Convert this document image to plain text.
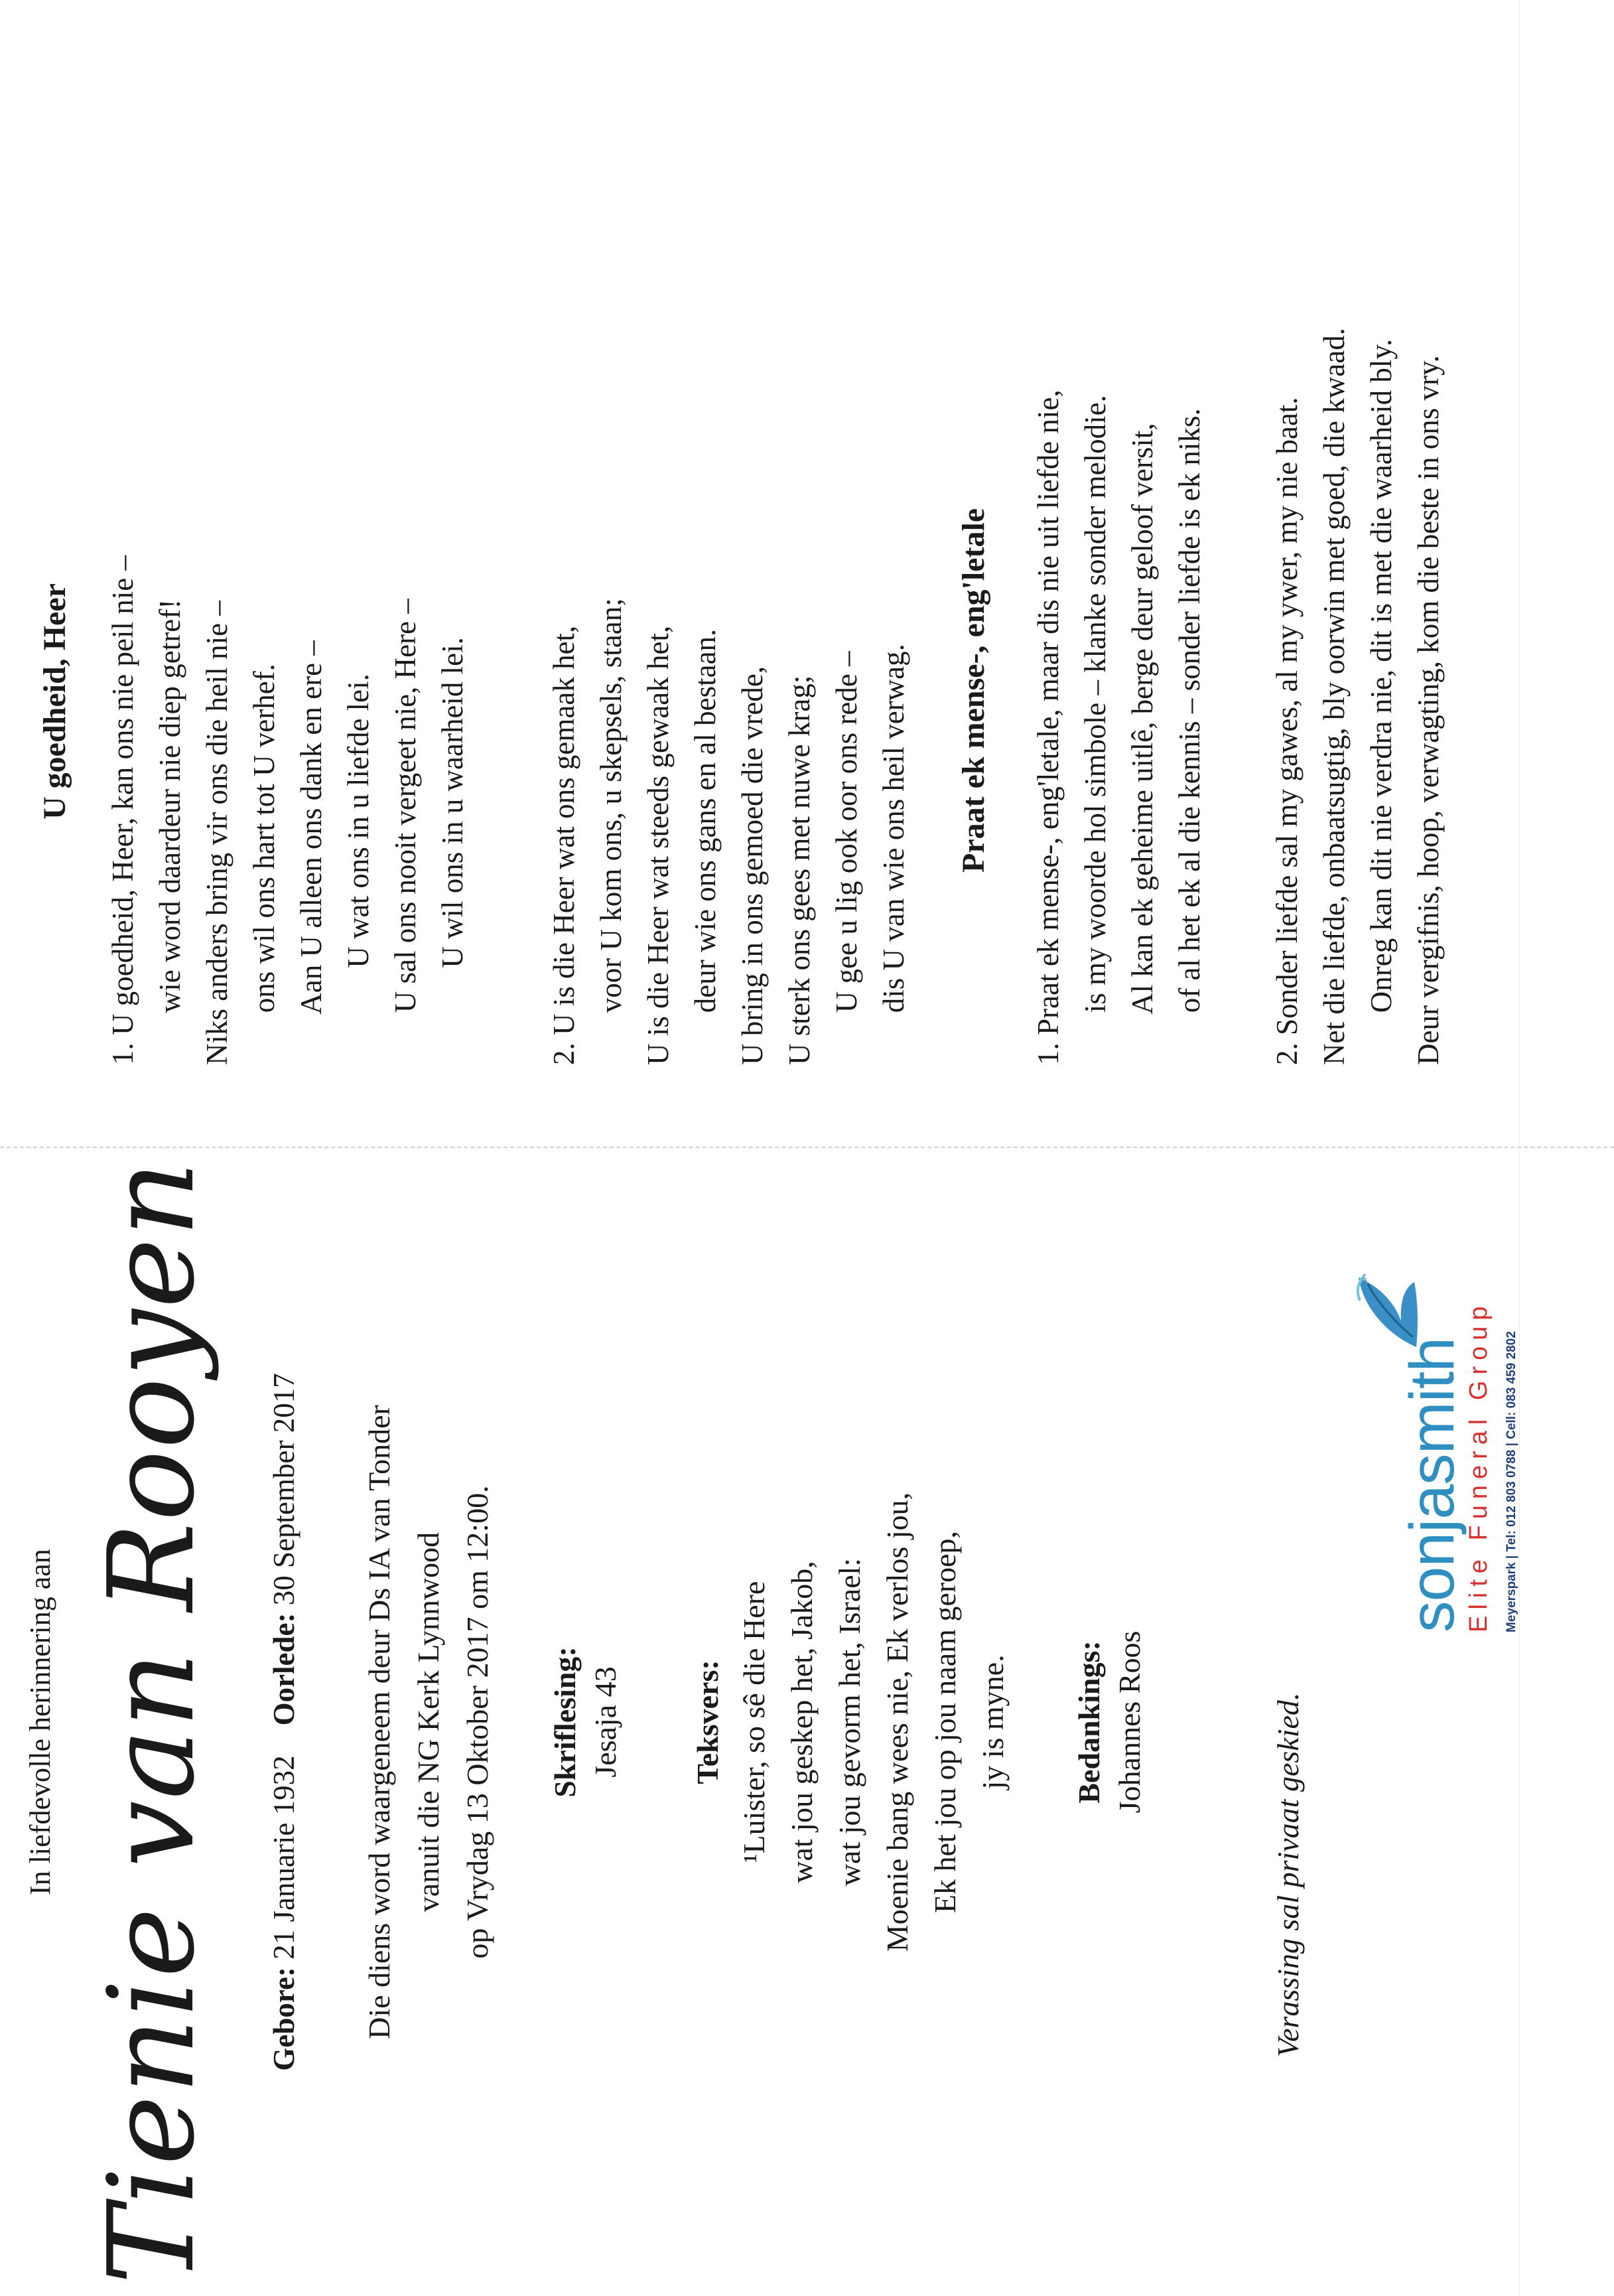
In liefdevolle herinnering aan Tienie van Rooyen Gebore: 21 Januarie 1932    Oorlede: 30 September 2017 Die diens word waargeneem deur Ds IA van Tonder vanuit die NG Kerk Lynnwood op Vrydag 13 Oktober 2017 om 12:00. Skriflesing: Jesaja 43 Teksvers: ¹Luister, so sê die Here wat jou geskep het, Jakob, wat jou gevorm het, Israel: Moenie bang wees nie, Ek verlos jou, Ek het jou op jou naam geroep, jy is myne. Bedankings: Johannes Roos	Verassing sal privaat geskied.
sonjasmith
™
Elite Funeral Group Meyerspark | Tel: 012 803 0788 | Cell: 083 459 2802
U goedheid, Heer 1. U goedheid, Heer, kan ons nie peil nie – wie word daardeur nie diep getref! Niks anders bring vir ons die heil nie – ons wil ons hart tot U verhef. Aan U alleen ons dank en ere – U wat ons in u liefde lei. U sal ons nooit vergeet nie, Here – U wil ons in u waarheid lei.	2. U is die Heer wat ons gemaak het, voor U kom ons, u skepsels, staan; U is die Heer wat steeds gewaak het, deur wie ons gans en al bestaan. U bring in ons gemoed die vrede, U sterk ons gees met nuwe krag; U gee u lig ook oor ons rede – dis U van wie ons heil verwag. Praat ek mense-, eng'letale 1. Praat ek mense-, eng'letale, maar dis nie uit liefde nie, is my woorde hol simbole – klanke sonder melodie. Al kan ek geheime uitlê, berge deur geloof versit, of al het ek al die kennis – sonder liefde is ek niks. 2. Sonder liefde sal my gawes, al my ywer, my nie baat. Net die liefde, onbaatsugtig, bly oorwin met goed, die kwaad. Onreg kan dit nie verdra nie, dit is met die waarheid bly. Deur vergifnis, hoop, verwagting, kom die beste in ons vry.
